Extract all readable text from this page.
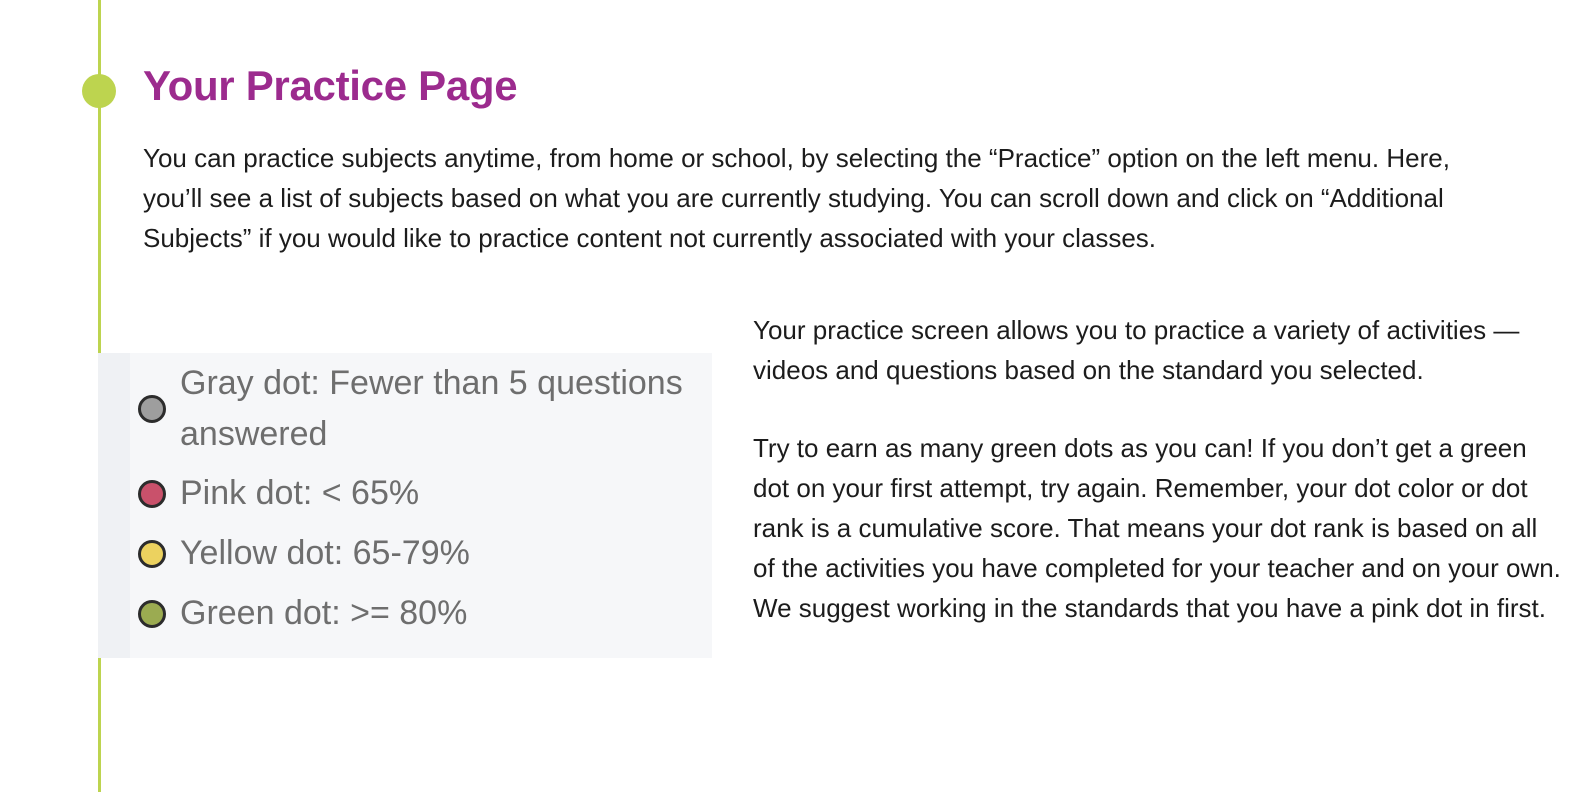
Your Practice Page

You can practice subjects anytime, from home or school, by selecting the “Practice” option on the left menu. Here, you’ll see a list of subjects based on what you are currently studying. You can scroll down and click on “Additional Subjects” if you would like to practice content not currently associated with your classes.

Gray dot: Fewer than 5 questions answered
Pink dot: < 65%
Yellow dot: 65-79%
Green dot: >= 80%

Your practice screen allows you to practice a variety of activities — videos and questions based on the standard you selected.

Try to earn as many green dots as you can! If you don’t get a green dot on your first attempt, try again. Remember, your dot color or dot rank is a cumulative score. That means your dot rank is based on all of the activities you have completed for your teacher and on your own. We suggest working in the standards that you have a pink dot in first.
